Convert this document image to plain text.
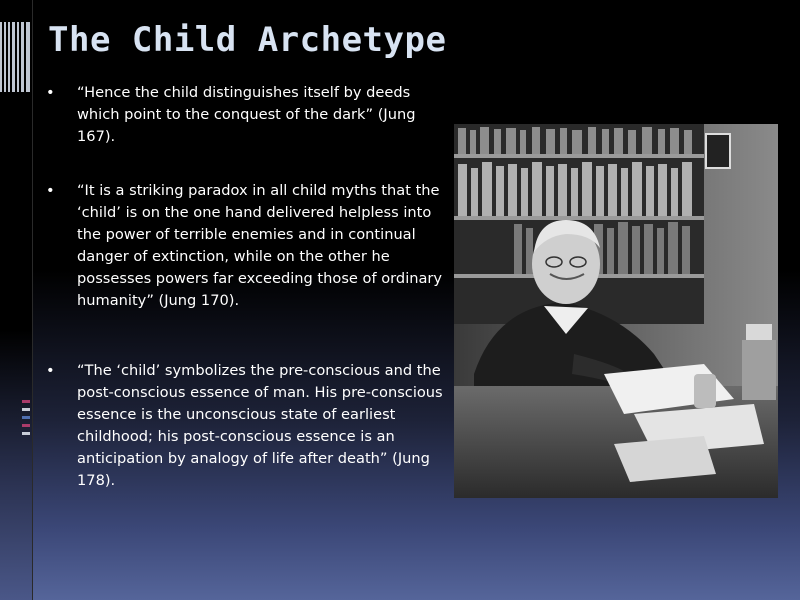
The Child Archetype
• “Hence the child distinguishes itself by deeds which point to the conquest of the dark” (Jung 167).
• “It is a striking paradox in all child myths that the ‘child’ is on the one hand delivered helpless into the power of terrible enemies and in continual danger of extinction, while on the other he possesses powers far exceeding those of ordinary humanity” (Jung 170).
• “The ‘child’ symbolizes the pre-conscious and the post-conscious essence of man. His pre-conscious essence is the unconscious state of earliest childhood; his post-conscious essence is an anticipation by analogy of life after death” (Jung 178).
